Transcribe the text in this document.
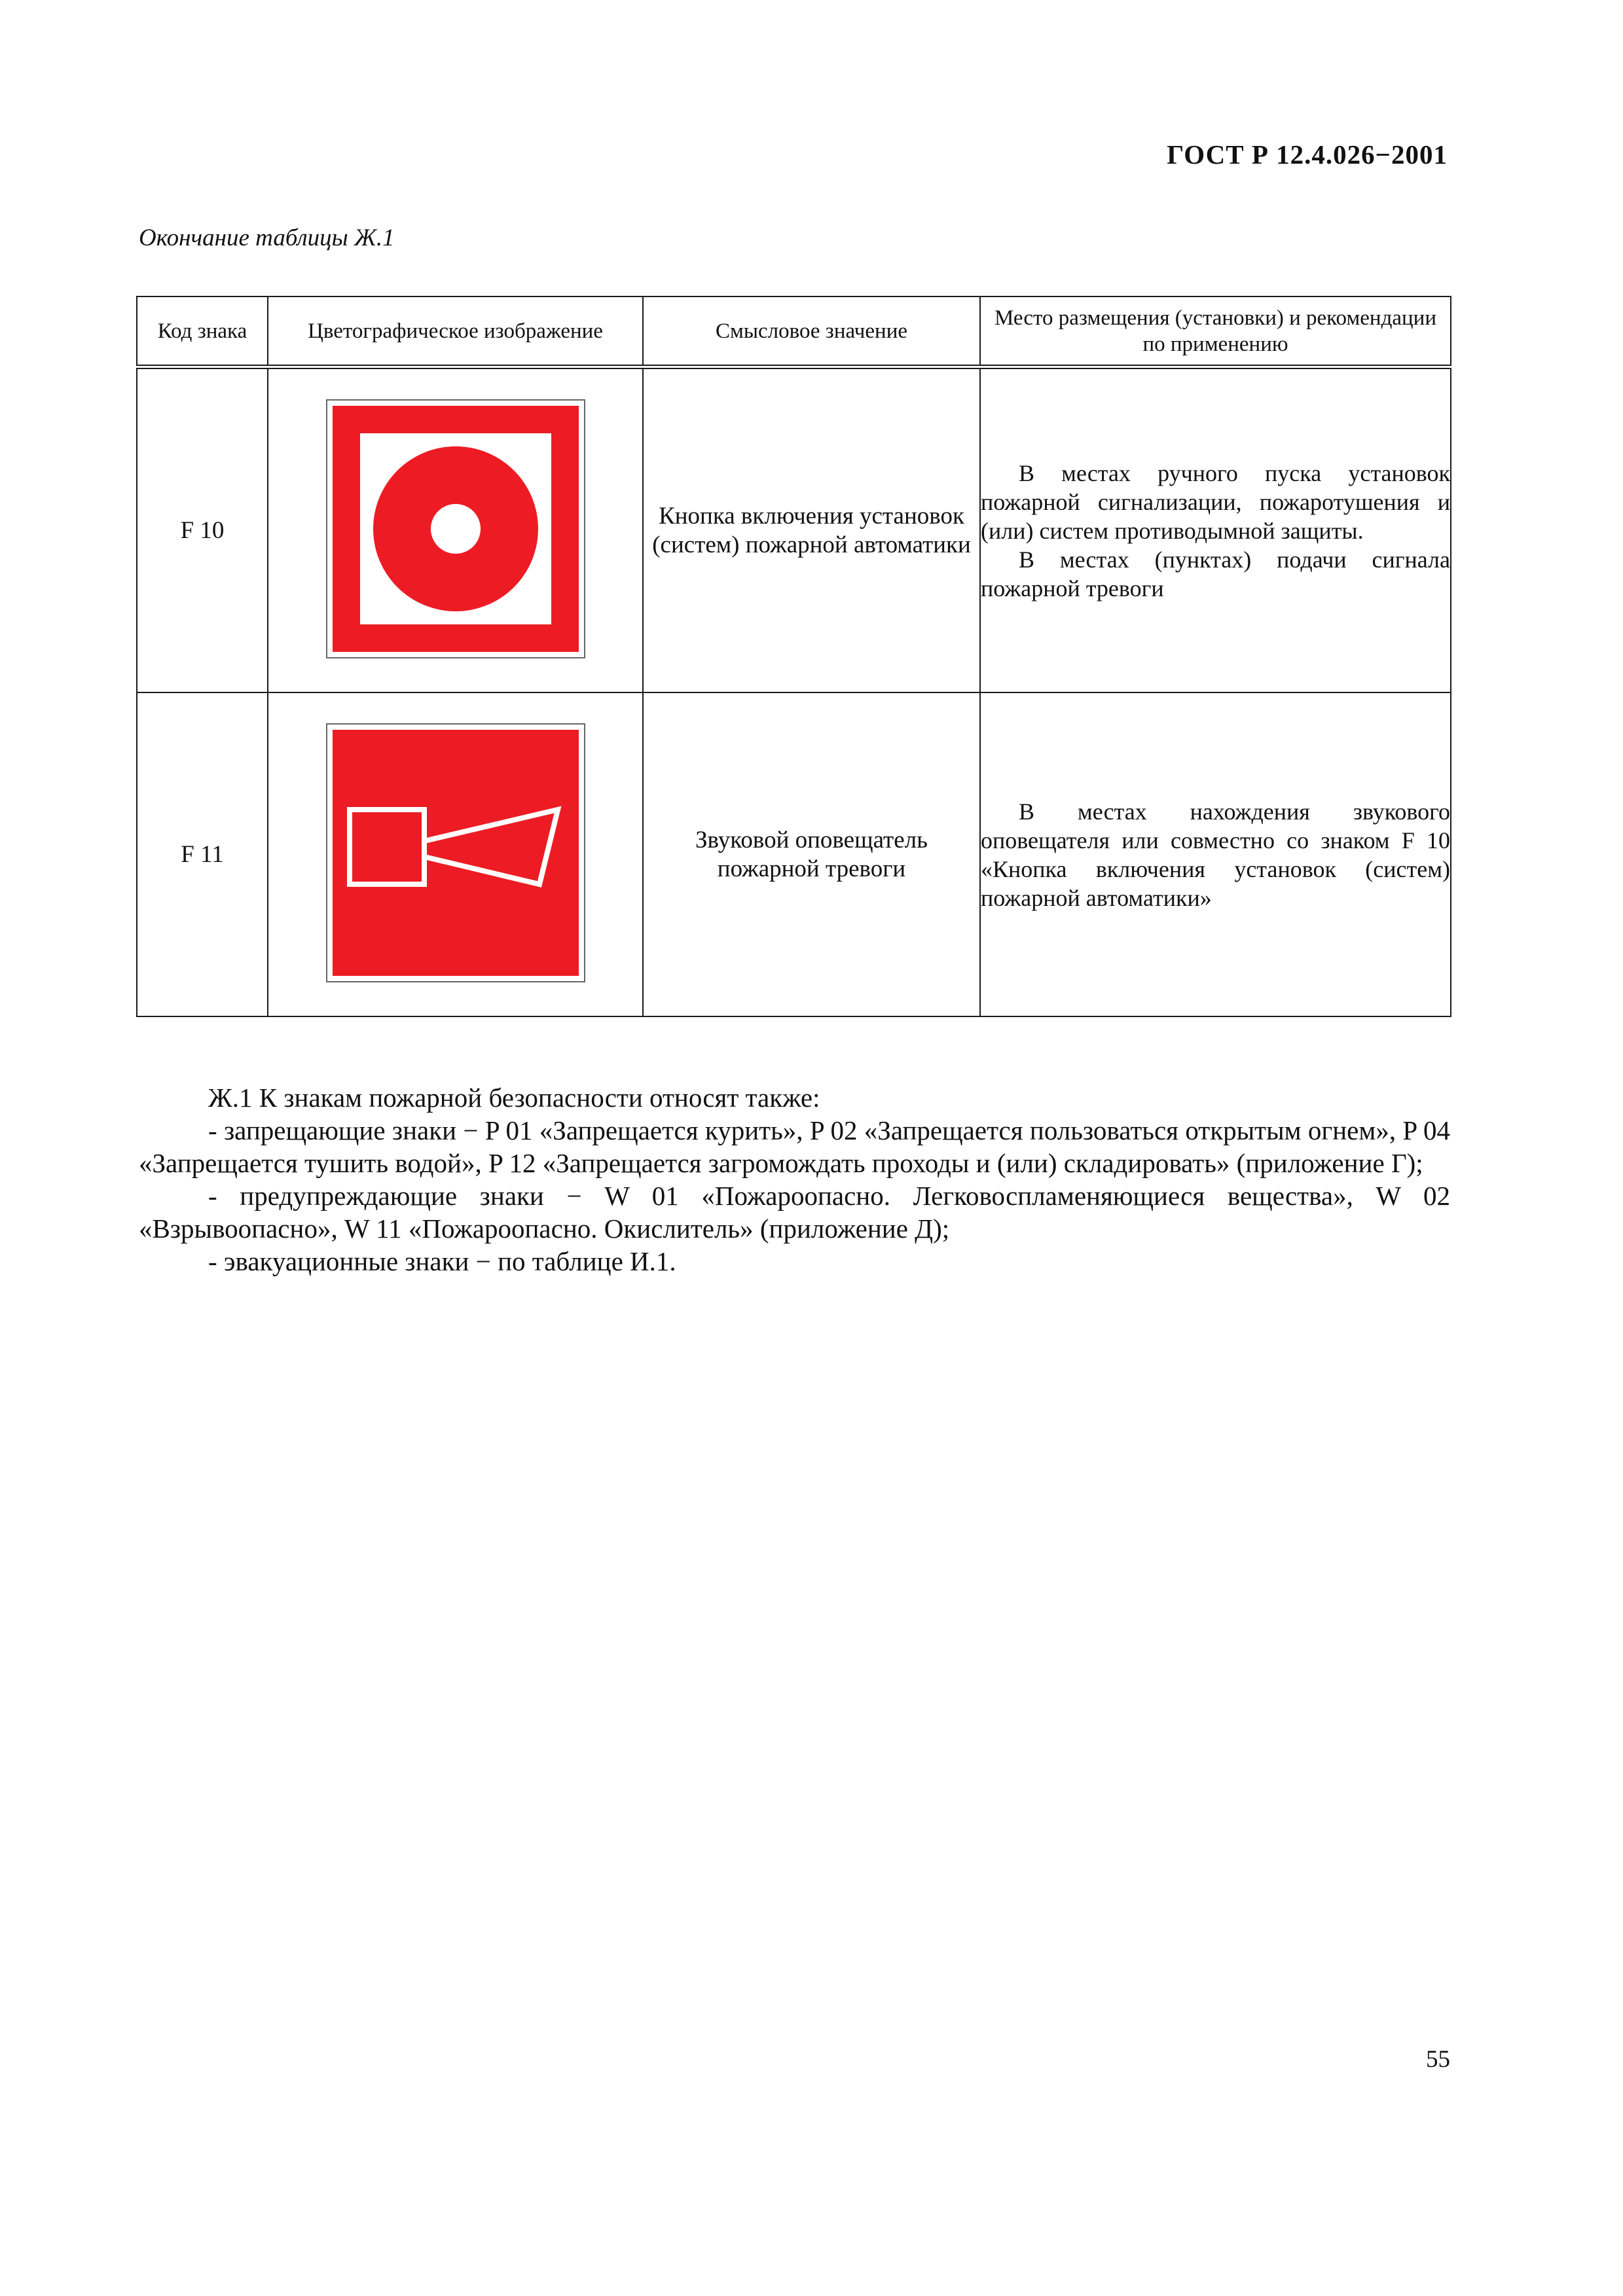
ГОСТ Р 12.4.026−2001
Окончание таблицы Ж.1
Код знака	Цветографическое изображение	Смысловое значение	Место размещения (установки) и рекомендации по применению
F 10		Кнопка включения установок (систем) пожарной автоматики	В местах ручного пуска установок пожарной сигнализации, пожаротушения и (или) систем противодымной защиты.
В местах (пунктах) подачи сигнала пожарной тревоги

F 11		Звуковой оповещатель пожарной тревоги	В местах нахождения звукового оповещателя или совместно со знаком F 10 «Кнопка включения установок (систем) пожарной автоматики»

Ж.1 К знакам пожарной безопасности относят также:

- запрещающие знаки − P 01 «Запрещается курить», P 02 «Запрещается пользоваться открытым огнем», P 04 «Запрещается тушить водой», P 12 «Запрещается загромождать проходы и (или) складировать» (приложение Г);

- предупреждающие знаки − W 01 «Пожароопасно. Легковоспламеняющиеся вещества», W 02 «Взрывоопасно», W 11 «Пожароопасно. Окислитель» (приложение Д);

- эвакуационные знаки − по таблице И.1.

55
